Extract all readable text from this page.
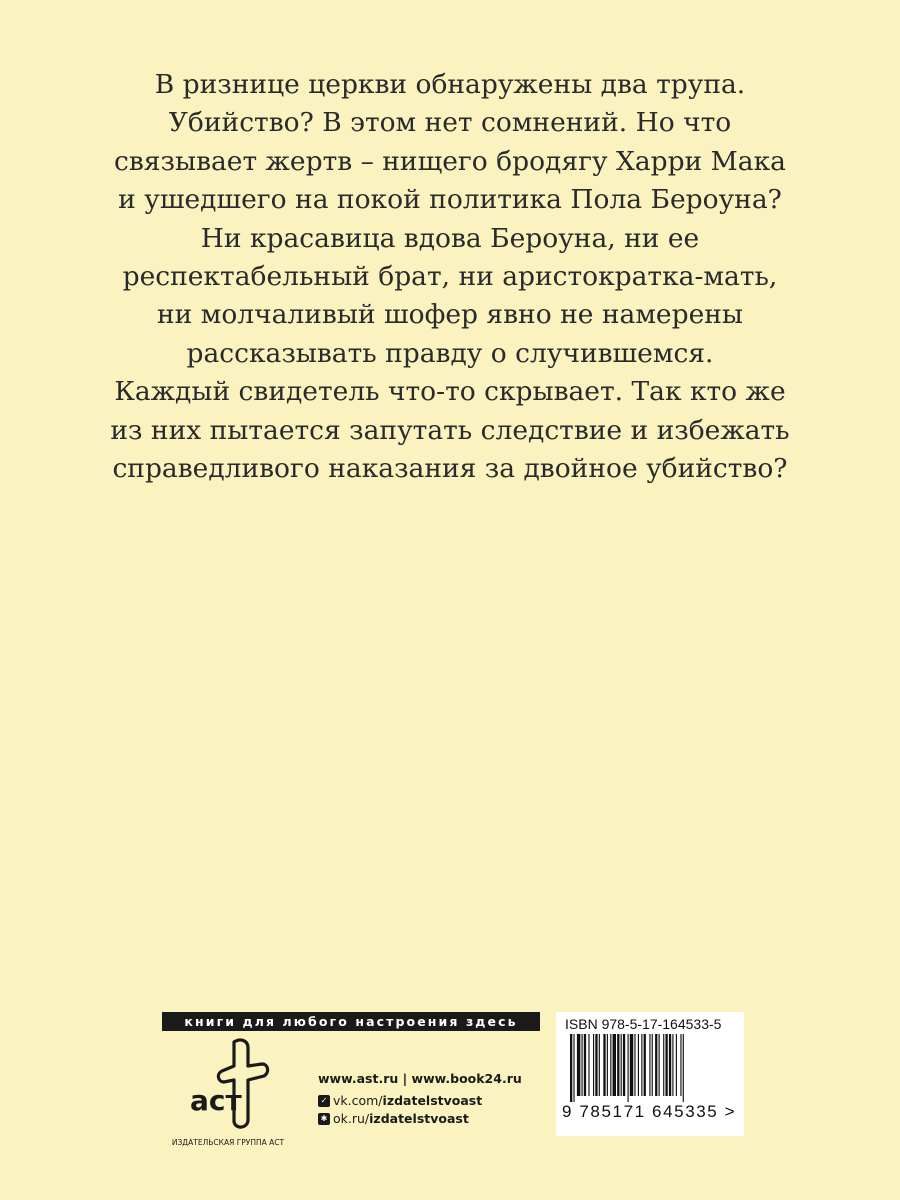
В ризнице церкви обнаружены два трупа.
Убийство? В этом нет сомнений. Но что
связывает жертв – нищего бродягу Харри Мака
и ушедшего на покой политика Пола Бероуна?
Ни красавица вдова Бероуна, ни ее
респектабельный брат, ни аристократка-мать,
ни молчаливый шофер явно не намерены
рассказывать правду о случившемся.
Каждый свидетель что-то скрывает. Так кто же
из них пытается запутать следствие и избежать
справедливого наказания за двойное убийство?
книги для любого настроения здесь
аст
ИЗДАТЕЛЬСКАЯ ГРУППА АСТ
www.ast.ru | www.book24.ru
✓ vk.com/ izdatelstvoast
✱ ok.ru/ izdatelstvoast
ISBN 978-5-17-164533-5
9 785171 645335 >
